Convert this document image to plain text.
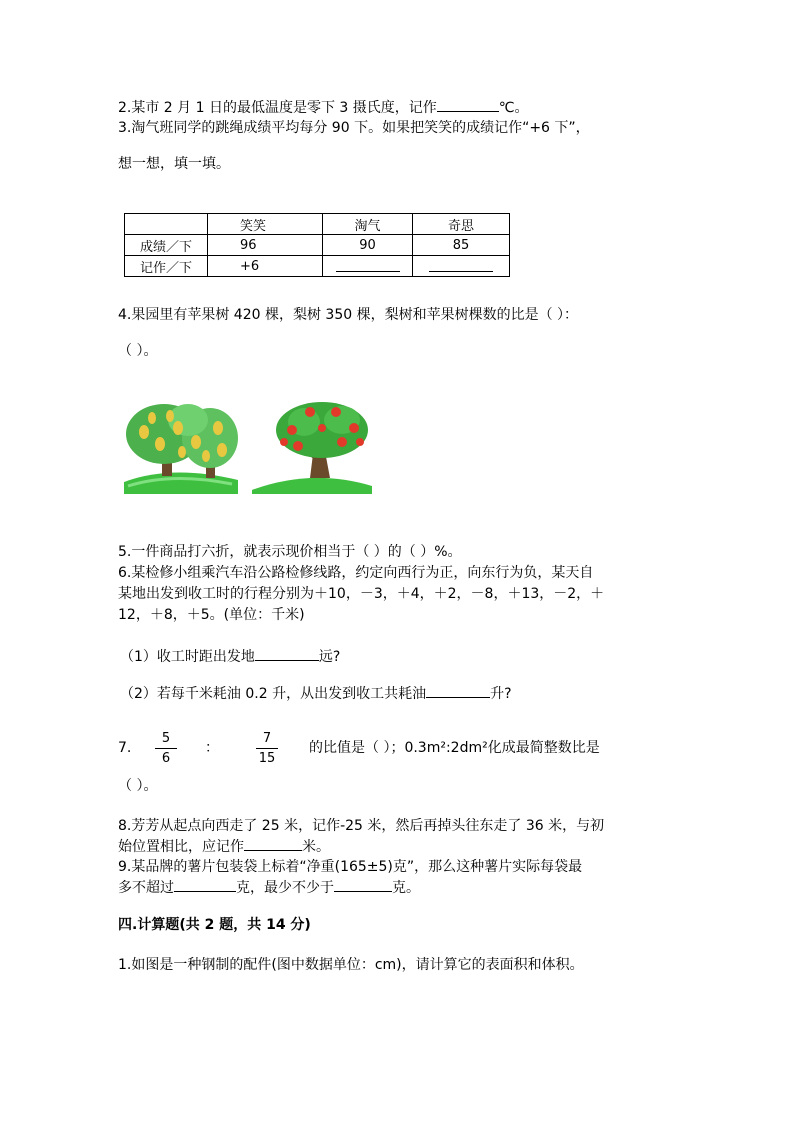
2.某市 2 月 1 日的最低温度是零下 3 摄氏度，记作	℃。
3.淘气班同学的跳绳成绩平均每分 90 下。如果把笑笑的成绩记作“+6 下”，
想一想，填一填。
	笑笑	淘气	奇思
成绩／下	96	90	85
记作／下	+6		
4.果园里有苹果树 420 棵，梨树 350 棵，梨树和苹果树棵数的比是（ ）：
（ ）。
5.一件商品打六折，就表示现价相当于（ ）的（ ）%。
6.某检修小组乘汽车沿公路检修线路，约定向西行为正，向东行为负，某天自
某地出发到收工时的行程分别为＋10，－3，＋4，＋2，－8，＋13，－2，＋
12，＋8，＋5。(单位：千米)
（1）收工时距出发地	远?
（2）若每千米耗油 0.2 升，从出发到收工共耗油	升?
7.
5
6
：
7
15
的比值是（ ）；0.3m²:2dm²化成最简整数比是
（ ）。
8.芳芳从起点向西走了 25 米，记作-25 米，然后再掉头往东走了 36 米，与初
始位置相比，应记作	米。
9.某品牌的薯片包装袋上标着“净重(165±5)克”，那么这种薯片实际每袋最
多不超过	克，最少不少于	克。
四.计算题(共 2 题，共 14 分)
1.如图是一种钢制的配件(图中数据单位：cm)，请计算它的表面积和体积。
